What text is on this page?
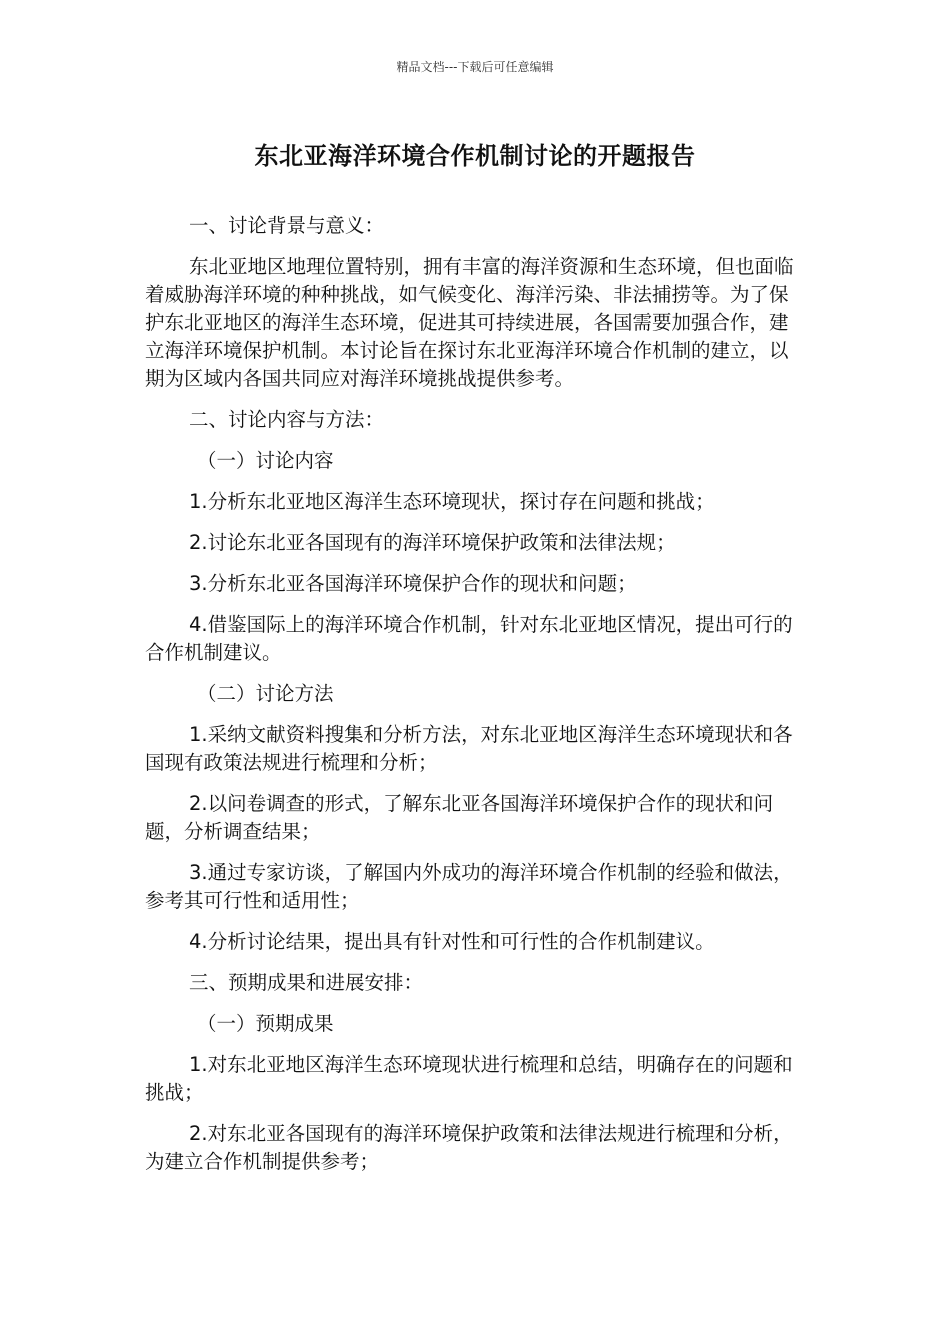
精品文档---下载后可任意编辑
东北亚海洋环境合作机制讨论的开题报告

一、讨论背景与意义：

东北亚地区地理位置特别，拥有丰富的海洋资源和生态环境，但也面临着威胁海洋环境的种种挑战，如气候变化、海洋污染、非法捕捞等。为了保护东北亚地区的海洋生态环境，促进其可持续进展，各国需要加强合作，建立海洋环境保护机制。本讨论旨在探讨东北亚海洋环境合作机制的建立，以期为区域内各国共同应对海洋环境挑战提供参考。

二、讨论内容与方法：

（一）讨论内容

1.分析东北亚地区海洋生态环境现状，探讨存在问题和挑战；

2.讨论东北亚各国现有的海洋环境保护政策和法律法规；

3.分析东北亚各国海洋环境保护合作的现状和问题；

4.借鉴国际上的海洋环境合作机制，针对东北亚地区情况，提出可行的合作机制建议。

（二）讨论方法

1.采纳文献资料搜集和分析方法，对东北亚地区海洋生态环境现状和各国现有政策法规进行梳理和分析；

2.以问卷调查的形式，了解东北亚各国海洋环境保护合作的现状和问题，分析调查结果；

3.通过专家访谈，了解国内外成功的海洋环境合作机制的经验和做法，参考其可行性和适用性；

4.分析讨论结果，提出具有针对性和可行性的合作机制建议。

三、预期成果和进展安排：

（一）预期成果

1.对东北亚地区海洋生态环境现状进行梳理和总结，明确存在的问题和挑战；

2.对东北亚各国现有的海洋环境保护政策和法律法规进行梳理和分析，为建立合作机制提供参考；
